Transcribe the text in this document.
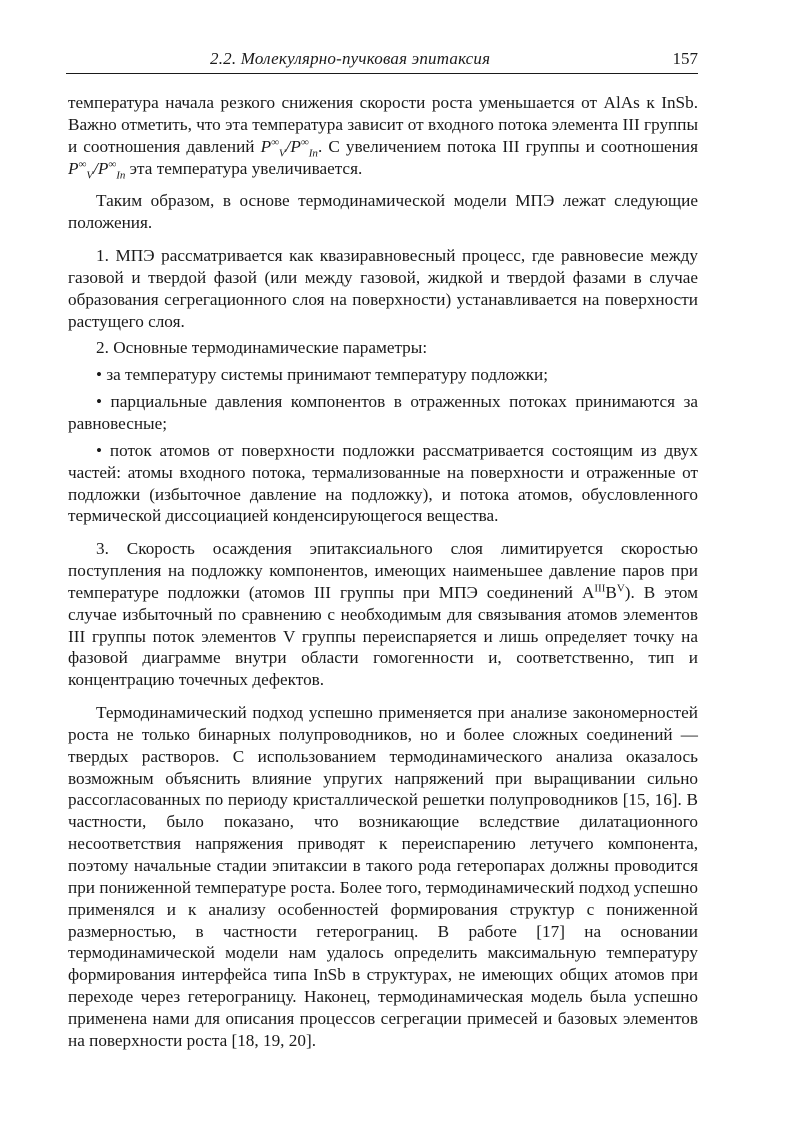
2.2. Молекулярно-пучковая эпитаксия	157

температура начала резкого снижения скорости роста уменьшается от AlAs к InSb. Важно отметить, что эта температура зависит от входного потока элемента III группы и соотношения давлений $P^\infty_V/P^\infty_{In}$. С увеличением потока III группы и соотношения $P^\infty_V/P^\infty_{In}$ эта температура увеличивается.

Таким образом, в основе термодинамической модели МПЭ лежат следующие положения.

1. МПЭ рассматривается как квазиравновесный процесс, где равновесие между газовой и твердой фазой (или между газовой, жидкой и твердой фазами в случае образования сегрегационного слоя на поверхности) устанавливается на поверхности растущего слоя.

2. Основные термодинамические параметры:

• за температуру системы принимают температуру подложки;

• парциальные давления компонентов в отраженных потоках принимаются за равновесные;

• поток атомов от поверхности подложки рассматривается состоящим из двух частей: атомы входного потока, термализованные на поверхности и отраженные от подложки (избыточное давление на подложку), и потока атомов, обусловленного термической диссоциацией конденсирующегося вещества.

3. Скорость осаждения эпитаксиального слоя лимитируется скоростью поступления на подложку компонентов, имеющих наименьшее давление паров при температуре подложки (атомов III группы при МПЭ соединений $A^{III}B^V$). В этом случае избыточный по сравнению с необходимым для связывания атомов элементов III группы поток элементов V группы переиспаряется и лишь определяет точку на фазовой диаграмме внутри области гомогенности и, соответственно, тип и концентрацию точечных дефектов.

Термодинамический подход успешно применяется при анализе закономерностей роста не только бинарных полупроводников, но и более сложных соединений — твердых растворов. С использованием термодинамического анализа оказалось возможным объяснить влияние упругих напряжений при выращивании сильно рассогласованных по периоду кристаллической решетки полупроводников [15, 16]. В частности, было показано, что возникающие вследствие дилатационного несоответствия напряжения приводят к переиспарению летучего компонента, поэтому начальные стадии эпитаксии в такого рода гетеропарах должны проводится при пониженной температуре роста. Более того, термодинамический подход успешно применялся и к анализу особенностей формирования структур с пониженной размерностью, в частности гетерограниц. В работе [17] на основании термодинамической модели нам удалось определить максимальную температуру формирования интерфейса типа InSb в структурах, не имеющих общих атомов при переходе через гетерограницу. Наконец, термодинамическая модель была успешно применена нами для описания процессов сегрегации примесей и базовых элементов на поверхности роста [18, 19, 20].
